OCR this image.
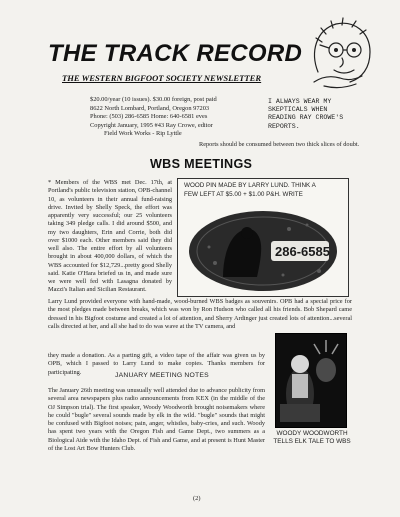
THE TRACK RECORD
THE WESTERN BIGFOOT SOCIETY NEWSLETTER
$20.00/year (10 issues). $30.00 foreign, post paid
8622 North Lombard, Portland, Oregon 97203
Phone: (503) 286-6585 Home: 640-6581 eves
Copyright January, 1995 #43 Ray Crowe, editor
Field Work Works - Rip Lyttle
I ALWAYS WEAR MY
SKEPTICALS WHEN
READING RAY CROWE'S
REPORTS.
Reports should be consumed between two thick slices of doubt.
WBS MEETINGS
* Members of the WBS met Dec. 17th, at Portland's public television station, OPB-channel 10, as volunteers in their annual fund-raising drive. Invited by Shelly Speck, the effort was apparently very successful; our 25 volunteers taking 349 pledge calls. I did around $500, and my two daughters, Erin and Corrie, both did over $1000 each. Other members said they did well also. The entire effort by all volunteers brought in about 400,000 dollars, of which the WBS accounted for $12,729...pretty good Shelly said. Katie O'Hara briefed us in, and made sure we were well fed with Lasagna donated by Mazzi's Italian and Sicilian Restaurant.
WOOD PIN MADE BY LARRY LUND. THINK A FEW LEFT AT $5.00 + $1.00 P&H. WRITE
286-6585
Larry Lund provided everyone with hand-made, wood-burned WBS badges as souvenirs. OPB had a special price for the most pledges made between breaks, which was won by Ron Hudson who called all his friends. Bob Shepard came dressed in his Bigfoot costume and created a lot of attention, and Sherry Ardinger just created lots of attention...several calls directed at her, and all she had to do was wave at the TV camera, and
they made a donation. As a parting gift, a video tape of the affair was given us by OPB, which I passed to Larry Lund to make copies. Thanks members for participating.	JANUARY MEETING NOTES
The January 26th meeting was unusually well attended due to advance publicity from several area newspapers plus radio announcements from KEX (in the middle of the OJ Simpson trial). The first speaker, Woody Woodworth brought noisemakers where he could "bugle" several sounds made by elk in the wild. "bugle" sounds that might be confused with Bigfoot noises; pain, anger, whistles, baby-cries, and such. Woody has spent two years with the Oregon Fish and Game Dept., two summers as a Biological Aide with the Idaho Dept. of Fish and Game, and at present is Hunt Master of the Lost Art Bow Hunters Club.
WOODY WOODWORTH
TELLS ELK TALE TO WBS
(2)
